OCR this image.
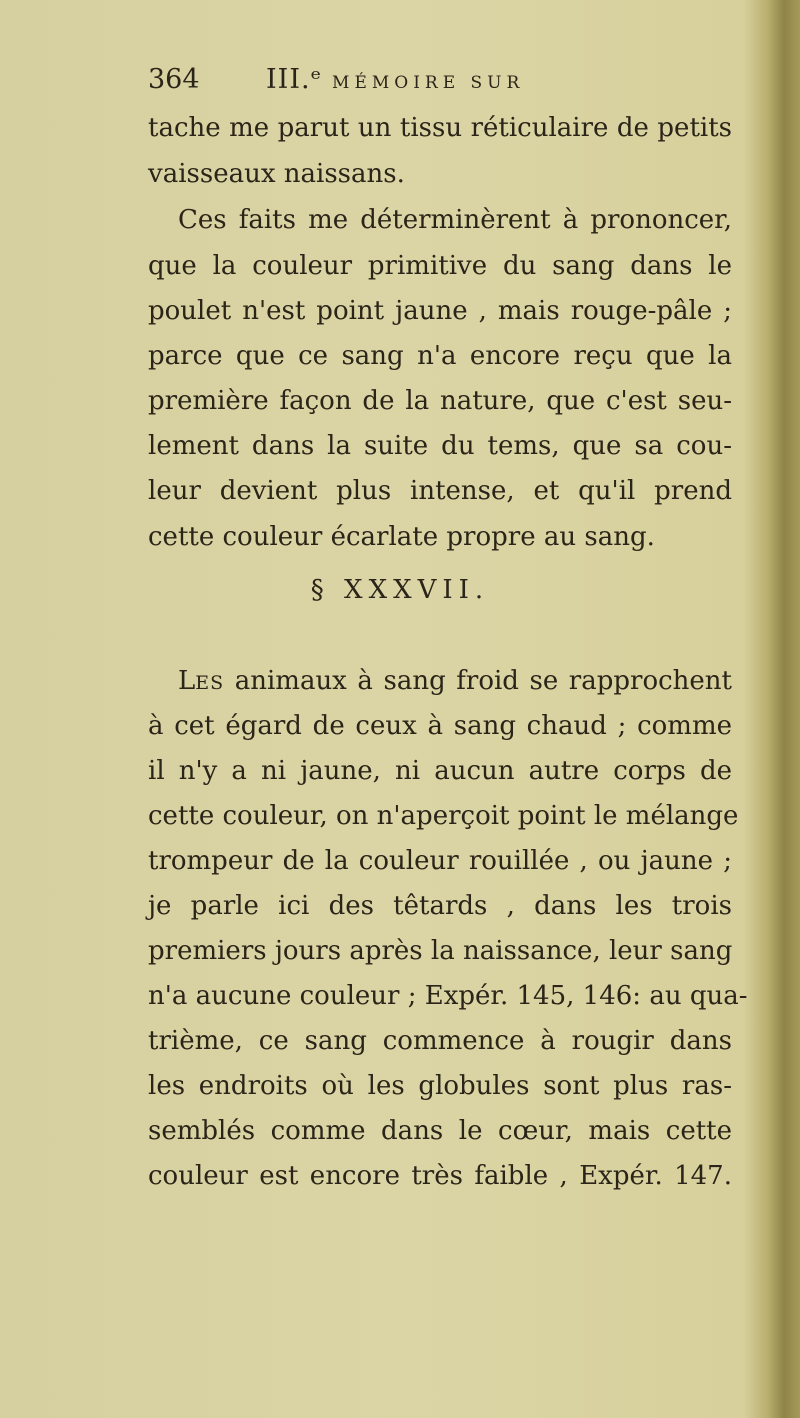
364 III.ᵉ MÉMOIRE SUR
tache me parut un tissu réticulaire de petits
vaisseaux naissans.
Ces faits me déterminèrent à prononcer,
que la couleur primitive du sang dans le
poulet n'est point jaune , mais rouge-pâle ;
parce que ce sang n'a encore reçu que la
première façon de la nature, que c'est seu-
lement dans la suite du tems, que sa cou-
leur devient plus intense, et qu'il prend
cette couleur écarlate propre au sang.
§ XXXVII.
LES animaux à sang froid se rapprochent
à cet égard de ceux à sang chaud ; comme
il n'y a ni jaune, ni aucun autre corps de
cette couleur, on n'aperçoit point le mélange
trompeur de la couleur rouillée , ou jaune ;
je parle ici des têtards , dans les trois
premiers jours après la naissance, leur sang
n'a aucune couleur ; Expér. 145, 146: au qua-
trième, ce sang commence à rougir dans
les endroits où les globules sont plus ras-
semblés comme dans le cœur, mais cette
couleur est encore très faible , Expér. 147.
